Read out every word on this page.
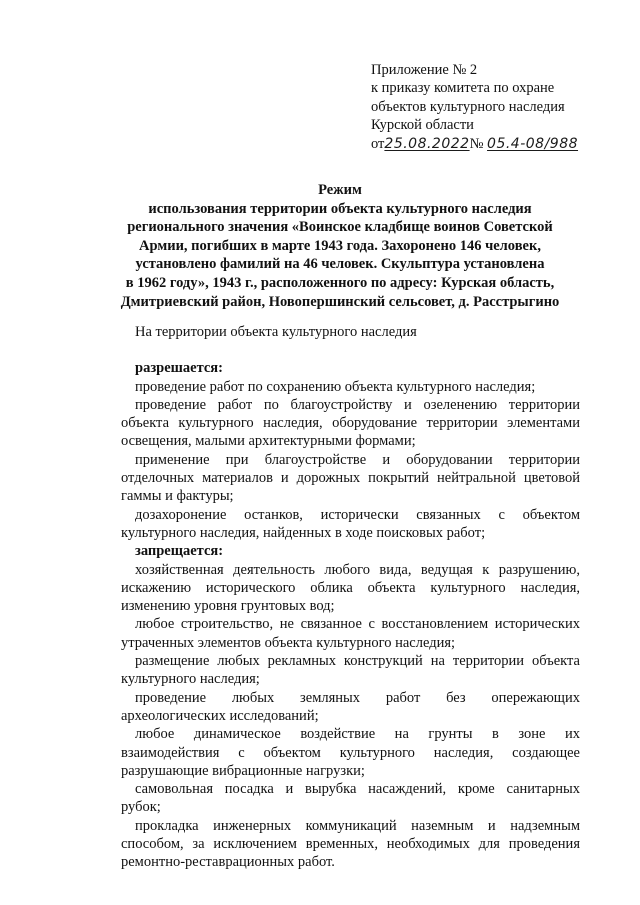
Приложение № 2
к приказу комитета по охране
объектов культурного наследия
Курской области
от25.08.2022№ 05.4-08/988
Режим
использования территории объекта культурного наследия
регионального значения «Воинское кладбище воинов Советской
Армии, погибших в марте 1943 года. Захоронено 146 человек,
установлено фамилий на 46 человек. Скульптура установлена
в 1962 году», 1943 г., расположенного по адресу: Курская область,
Дмитриевский район, Новопершинский сельсовет, д. Расстрыгино
На территории объекта культурного наследия
разрешается:
проведение работ по сохранению объекта культурного наследия;
проведение работ по благоустройству и озеленению территории
объекта культурного наследия, оборудование территории элементами
освещения, малыми архитектурными формами;
применение при благоустройстве и оборудовании территории
отделочных материалов и дорожных покрытий нейтральной цветовой
гаммы и фактуры;
дозахоронение останков, исторически связанных с объектом
культурного наследия, найденных в ходе поисковых работ;
запрещается:
хозяйственная деятельность любого вида, ведущая к разрушению,
искажению исторического облика объекта культурного наследия,
изменению уровня грунтовых вод;
любое строительство, не связанное с восстановлением исторических
утраченных элементов объекта культурного наследия;
размещение любых рекламных конструкций на территории объекта
культурного наследия;
проведение любых земляных работ без опережающих
археологических исследований;
любое динамическое воздействие на грунты в зоне их
взаимодействия с объектом культурного наследия, создающее
разрушающие вибрационные нагрузки;
самовольная посадка и вырубка насаждений, кроме санитарных
рубок;
прокладка инженерных коммуникаций наземным и надземным
способом, за исключением временных, необходимых для проведения
ремонтно-реставрационных работ.
